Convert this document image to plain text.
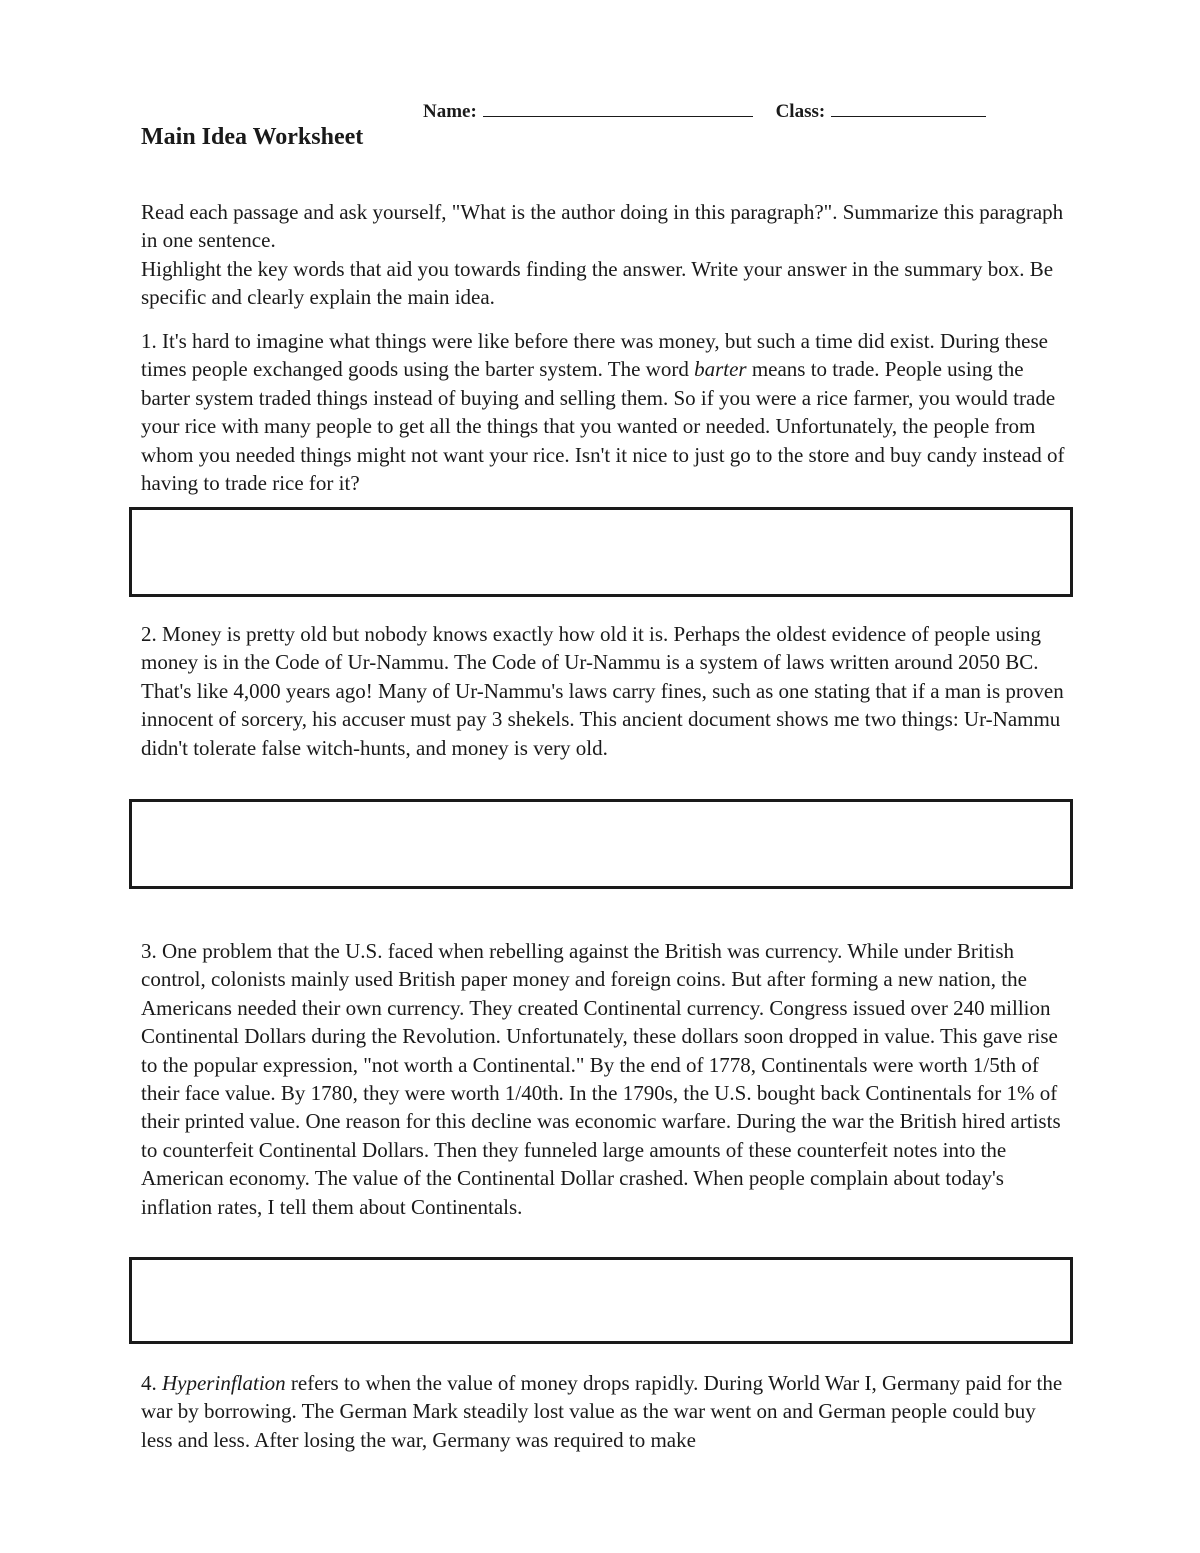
Name:	Class:
Main Idea Worksheet

Read each passage and ask yourself, "What is the author doing in this paragraph?". Summarize this paragraph in one sentence.

Highlight the key words that aid you towards finding the answer. Write your answer in the summary box. Be specific and clearly explain the main idea.

1. It's hard to imagine what things were like before there was money, but such a time did exist. During these times people exchanged goods using the barter system. The word barter means to trade. People using the barter system traded things instead of buying and selling them. So if you were a rice farmer, you would trade your rice with many people to get all the things that you wanted or needed. Unfortunately, the people from whom you needed things might not want your rice. Isn't it nice to just go to the store and buy candy instead of having to trade rice for it?

2. Money is pretty old but nobody knows exactly how old it is. Perhaps the oldest evidence of people using money is in the Code of Ur-Nammu. The Code of Ur-Nammu is a system of laws written around 2050 BC. That's like 4,000 years ago! Many of Ur-Nammu's laws carry fines, such as one stating that if a man is proven innocent of sorcery, his accuser must pay 3 shekels. This ancient document shows me two things: Ur-Nammu didn't tolerate false witch-hunts, and money is very old.

3. One problem that the U.S. faced when rebelling against the British was currency. While under British control, colonists mainly used British paper money and foreign coins. But after forming a new nation, the Americans needed their own currency. They created Continental currency. Congress issued over 240 million Continental Dollars during the Revolution. Unfortunately, these dollars soon dropped in value. This gave rise to the popular expression, "not worth a Continental." By the end of 1778, Continentals were worth 1/5th of their face value. By 1780, they were worth 1/40th. In the 1790s, the U.S. bought back Continentals for 1% of their printed value. One reason for this decline was economic warfare. During the war the British hired artists to counterfeit Continental Dollars. Then they funneled large amounts of these counterfeit notes into the American economy. The value of the Continental Dollar crashed. When people complain about today's inflation rates, I tell them about Continentals.

4. Hyperinflation refers to when the value of money drops rapidly. During World War I, Germany paid for the war by borrowing. The German Mark steadily lost value as the war went on and German people could buy less and less. After losing the war, Germany was required to make
